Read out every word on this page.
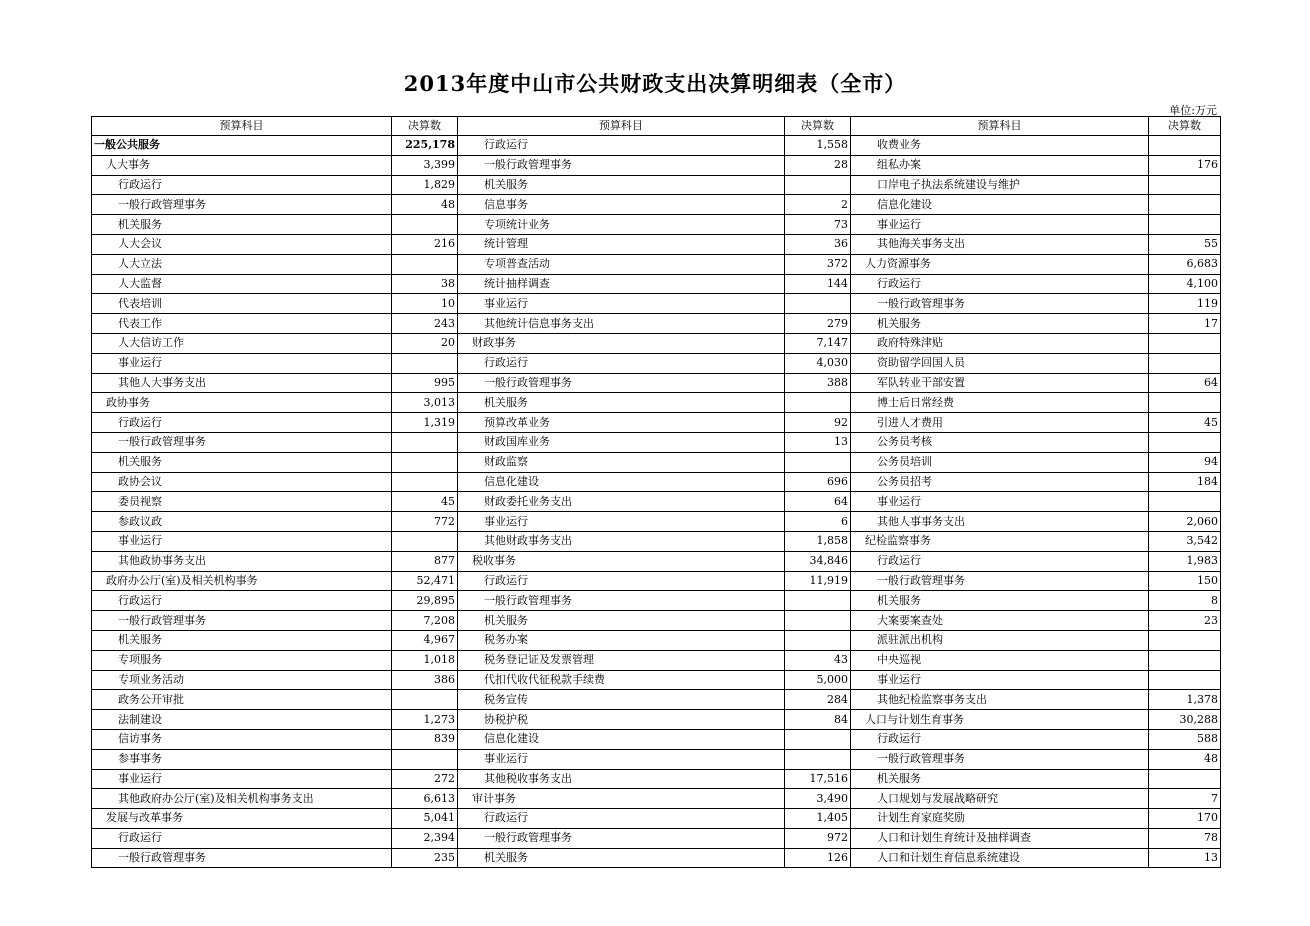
2013年度中山市公共财政支出决算明细表（全市）
单位:万元
预算科目	决算数	预算科目	决算数	预算科目	决算数
一般公共服务	225,178	行政运行	1,558	收费业务	
人大事务	3,399	一般行政管理事务	28	组私办案	176
行政运行	1,829	机关服务		口岸电子执法系统建设与维护	
一般行政管理事务	48	信息事务	2	信息化建设	
机关服务		专项统计业务	73	事业运行	
人大会议	216	统计管理	36	其他海关事务支出	55
人大立法		专项普查活动	372	人力资源事务	6,683
人大监督	38	统计抽样调查	144	行政运行	4,100
代表培训	10	事业运行		一般行政管理事务	119
代表工作	243	其他统计信息事务支出	279	机关服务	17
人大信访工作	20	财政事务	7,147	政府特殊津贴	
事业运行		行政运行	4,030	资助留学回国人员	
其他人大事务支出	995	一般行政管理事务	388	军队转业干部安置	64
政协事务	3,013	机关服务		博士后日常经费	
行政运行	1,319	预算改革业务	92	引进人才费用	45
一般行政管理事务		财政国库业务	13	公务员考核	
机关服务		财政监察		公务员培训	94
政协会议		信息化建设	696	公务员招考	184
委员视察	45	财政委托业务支出	64	事业运行	
参政议政	772	事业运行	6	其他人事事务支出	2,060
事业运行		其他财政事务支出	1,858	纪检监察事务	3,542
其他政协事务支出	877	税收事务	34,846	行政运行	1,983
政府办公厅(室)及相关机构事务	52,471	行政运行	11,919	一般行政管理事务	150
行政运行	29,895	一般行政管理事务		机关服务	8
一般行政管理事务	7,208	机关服务		大案要案查处	23
机关服务	4,967	税务办案		派驻派出机构	
专项服务	1,018	税务登记证及发票管理	43	中央巡视	
专项业务活动	386	代扣代收代征税款手续费	5,000	事业运行	
政务公开审批		税务宣传	284	其他纪检监察事务支出	1,378
法制建设	1,273	协税护税	84	人口与计划生育事务	30,288
信访事务	839	信息化建设		行政运行	588
参事事务		事业运行		一般行政管理事务	48
事业运行	272	其他税收事务支出	17,516	机关服务	
其他政府办公厅(室)及相关机构事务支出	6,613	审计事务	3,490	人口规划与发展战略研究	7
发展与改革事务	5,041	行政运行	1,405	计划生育家庭奖励	170
行政运行	2,394	一般行政管理事务	972	人口和计划生育统计及抽样调查	78
一般行政管理事务	235	机关服务	126	人口和计划生育信息系统建设	13
